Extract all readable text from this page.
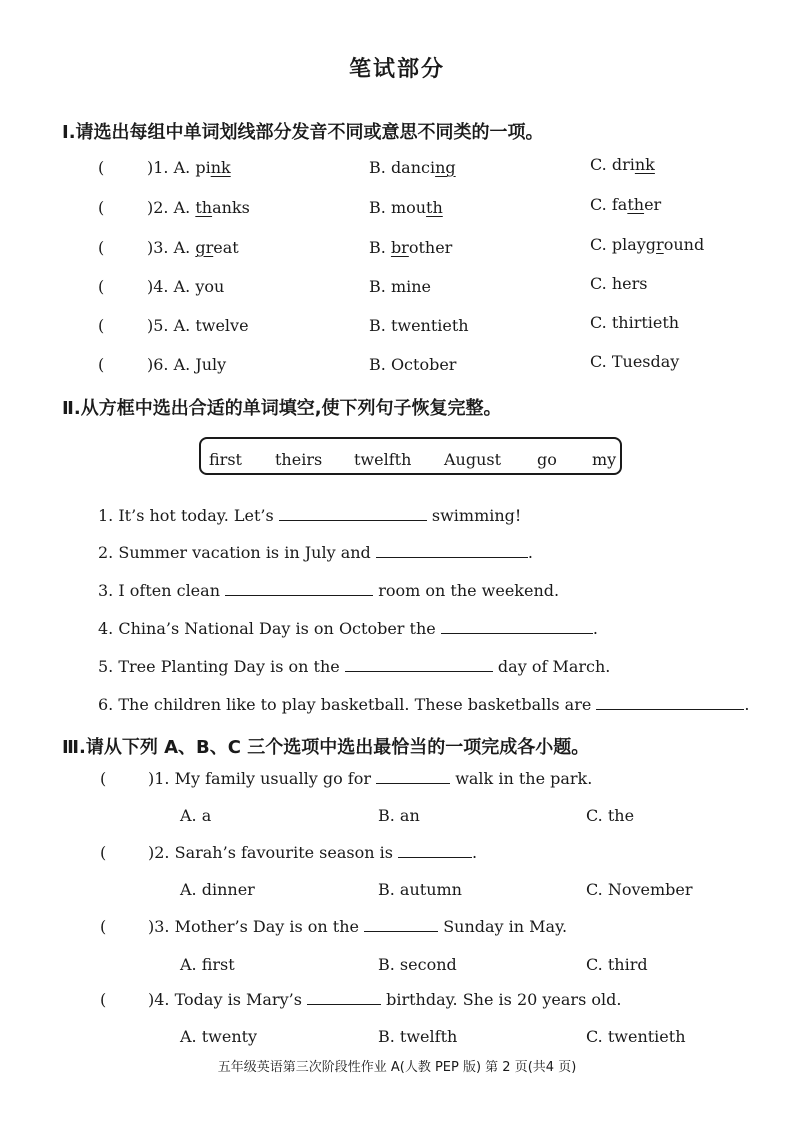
笔试部分
Ⅰ.请选出每组中单词划线部分发音不同或意思不同类的一项。
(	)1. A. pink	B. dancing	C. drink
(	)2. A. thanks	B. mouth	C. father
(	)3. A. great	B. brother	C. playground
(	)4. A. you	B. mine	C. hers
(	)5. A. twelve	B. twentieth	C. thirtieth
(	)6. A. July	B. October	C. Tuesday
Ⅱ.从方框中选出合适的单词填空,使下列句子恢复完整。
first theirs twelfth August go my
1. It’s hot today. Let’s	swimming!
2. Summer vacation is in July and	.
3. I often clean	room on the weekend.
4. China’s National Day is on October the	.
5. Tree Planting Day is on the	day of March.
6. The children like to play basketball. These basketballs are	.
Ⅲ.请从下列 A、B、C 三个选项中选出最恰当的一项完成各小题。
(	)1. My family usually go for	walk in the park.
A. a	B. an	C. the
(	)2. Sarah’s favourite season is	.
A. dinner	B. autumn	C. November
(	)3. Mother’s Day is on the	Sunday in May.
A. first	B. second	C. third
(	)4. Today is Mary’s	birthday. She is 20 years old.
A. twenty	B. twelfth	C. twentieth
五年级英语第三次阶段性作业 A(人教 PEP 版) 第 2 页(共4 页)
